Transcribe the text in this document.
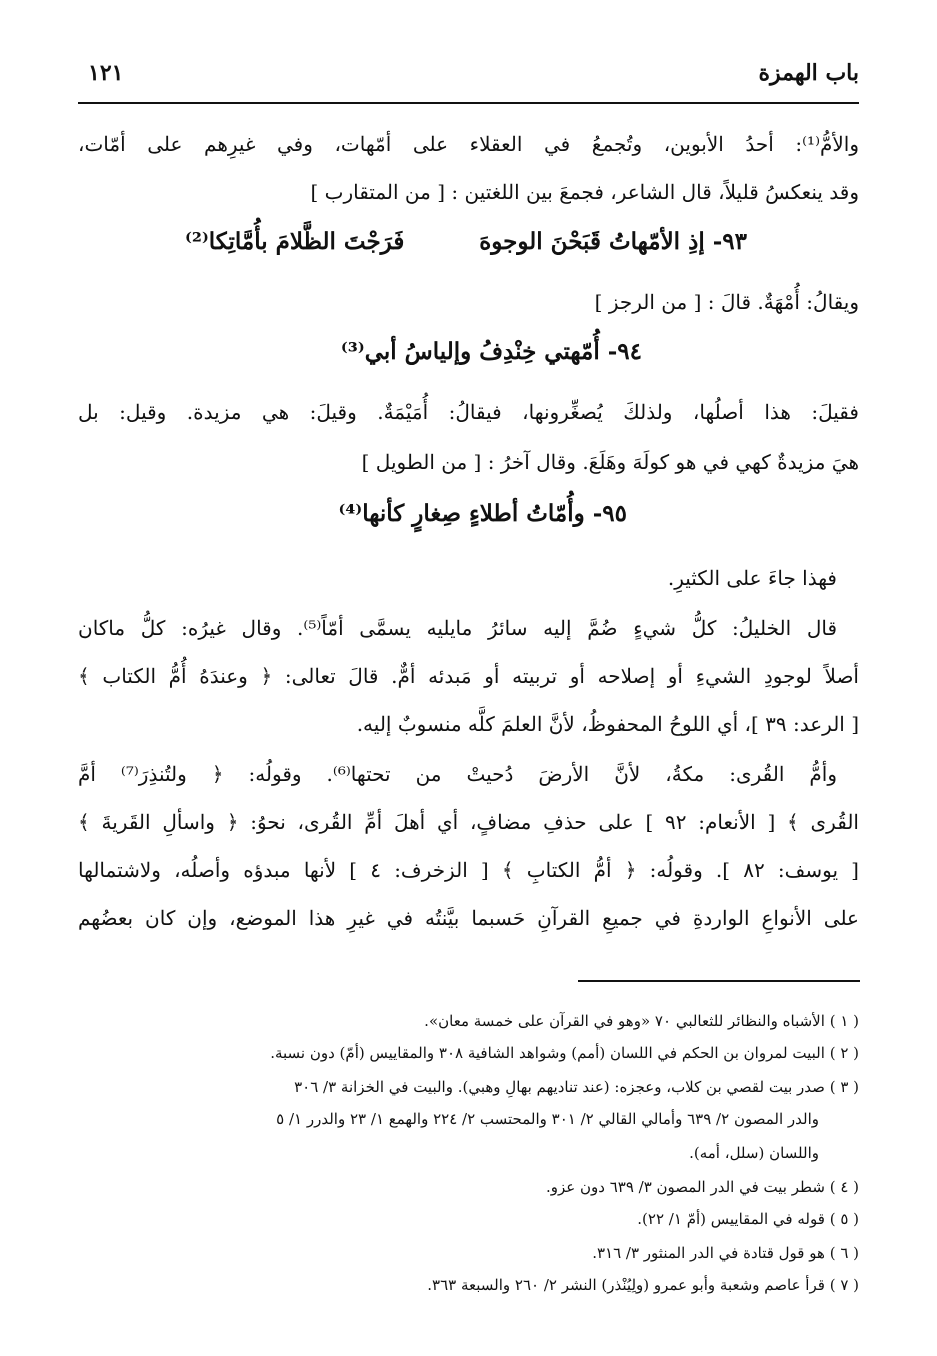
باب الهمزة
١٢١
والأمُّ⁽¹⁾: أحدُ الأبوين، وتُجمعُ في العقلاء على أمّهات، وفي غيرِهم على أمّات،
وقد ينعكسُ قليلاً، قال الشاعر، فجمعَ بين اللغتين : [ من المتقارب ]
٩٣- إذِ الأمّهاتُ قَبَحْنَ الوجوهَ
فَرَجْتَ الظَّلامَ بأُمَّاتِكا⁽²⁾
ويقالُ: أُمْهَةٌ. قالَ : [ من الرجز ]
٩٤- أُمّهتي خِنْدِفُ وإلياسُ أبي⁽³⁾
فقيلَ: هذا أصلُها، ولذلكَ يُصغِّرونها، فيقالُ: أُمَيْمَةٌ. وقيلَ: هي مزيدة. وقيل: بل
هيَ مزيدةٌ كهي في هو كولَهَ وهَلَعَ. وقال آخرُ : [ من الطويل ]
٩٥- وأُمّاتُ أطلاءٍ صِغارٍ كأنها⁽⁴⁾
فهذا جاءَ على الكثيرِ.
قال الخليلُ: كلُّ شيءٍ ضُمَّ إليه سائرُ مايليه يسمَّى أمّاً⁽⁵⁾. وقال غيرُه: كلُّ ماكان
أصلاً لوجودِ الشيءِ أو إصلاحه أو تربيته أو مَبدئه أمٌّ. قالَ تعالى: ﴿ وعندَهُ أُمُّ الكتاب ﴾
[ الرعد: ٣٩ ]، أي اللوحُ المحفوظُ، لأنَّ العلمَ كلَّه منسوبٌ إليه.
وأمُّ القُرى: مكةُ، لأنَّ الأرضَ دُحيتْ من تحتها⁽⁶⁾. وقولُه: ﴿ ولتُنذِرَ⁽⁷⁾ أمَّ
القُرى ﴾ [ الأنعام: ٩٢ ] على حذفِ مضافٍ، أي أهلَ أمِّ القُرى، نحوُ: ﴿ واسألِ القَريةَ ﴾
[ يوسف: ٨٢ ]. وقولُه: ﴿ أمُّ الكتابِ ﴾ [ الزخرف: ٤ ] لأنها مبدؤه وأصلُه، ولاشتمالها
على الأنواعِ الواردةِ في جميعِ القرآنِ حَسبما بيَّنتُه في غيرِ هذا الموضع، وإن كان بعضُهم
( ١ ) الأشباه والنظائر للثعالبي ٧٠ «وهو في القرآن على خمسة معان».
( ٢ ) البيت لمروان بن الحكم في اللسان (أمم) وشواهد الشافية ٣٠٨ والمقاييس (أمّ) دون نسبة.
( ٣ ) صدر بيت لقصي بن كلاب، وعجزه: (عند تناديهم بهالِ وهبي). والبيت في الخزانة ٣/ ٣٠٦
والدر المصون ٢/ ٦٣٩ وأمالي القالي ٢/ ٣٠١ والمحتسب ٢/ ٢٢٤ والهمع ١/ ٢٣ والدرر ١/ ٥
واللسان (سلل، أمه).
( ٤ ) شطر بيت في الدر المصون ٣/ ٦٣٩ دون عزو.
( ٥ ) قوله في المقاييس (أمّ ١/ ٢٢).
( ٦ ) هو قول قتادة في الدر المنثور ٣/ ٣١٦.
( ٧ ) قرأ عاصم وشعبة وأبو عمرو (ولِيُنْذر) النشر ٢/ ٢٦٠ والسبعة ٣٦٣.
